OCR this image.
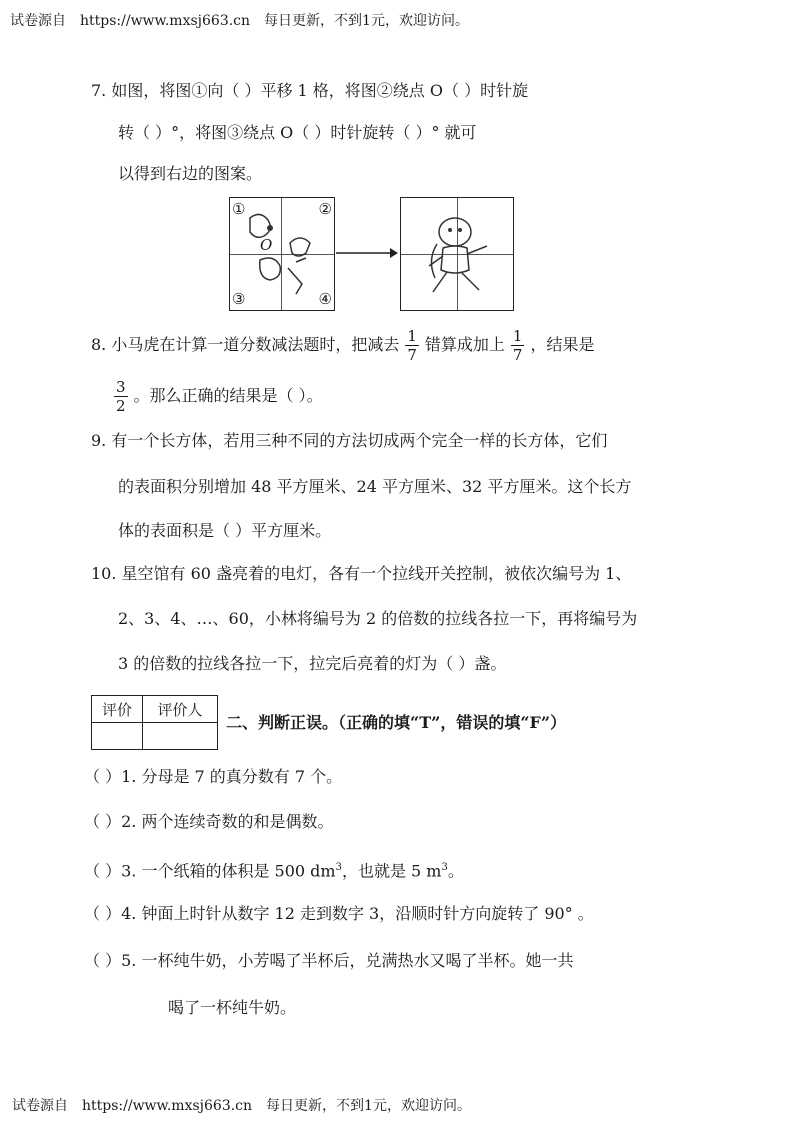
试卷源自 https://www.mxsj663.cn 每日更新，不到1元，欢迎访问。
7. 如图，将图①向（ ）平移 1 格，将图②绕点 O（ ）时针旋
转（ ）°，将图③绕点 O（ ）时针旋转（ ）° 就可
以得到右边的图案。
①	②
③	④
O
8. 小马虎在计算一道分数减法题时，把减去 $\frac{1}{7}$ 错算成加上 $\frac{1}{7}$ ，结果是
$\frac{3}{2}$ 。那么正确的结果是（ ）。
9. 有一个长方体，若用三种不同的方法切成两个完全一样的长方体，它们
的表面积分别增加 48 平方厘米、24 平方厘米、32 平方厘米。这个长方
体的表面积是（ ）平方厘米。
10. 星空馆有 60 盏亮着的电灯，各有一个拉线开关控制，被依次编号为 1、
2、3、4、…、60，小林将编号为 2 的倍数的拉线各拉一下，再将编号为
3 的倍数的拉线各拉一下，拉完后亮着的灯为（ ）盏。
评价	评价人

二、判断正误。（正确的填“T”，错误的填“F”）
（ ）1. 分母是 7 的真分数有 7 个。
（ ）2. 两个连续奇数的和是偶数。
（ ）3. 一个纸箱的体积是 500 $dm^3$，也就是 5 $m^3$。
（ ）4. 钟面上时针从数字 12 走到数字 3，沿顺时针方向旋转了 90° 。
（ ）5. 一杯纯牛奶，小芳喝了半杯后，兑满热水又喝了半杯。她一共
喝了一杯纯牛奶。
试卷源自 https://www.mxsj663.cn 每日更新，不到1元，欢迎访问。
